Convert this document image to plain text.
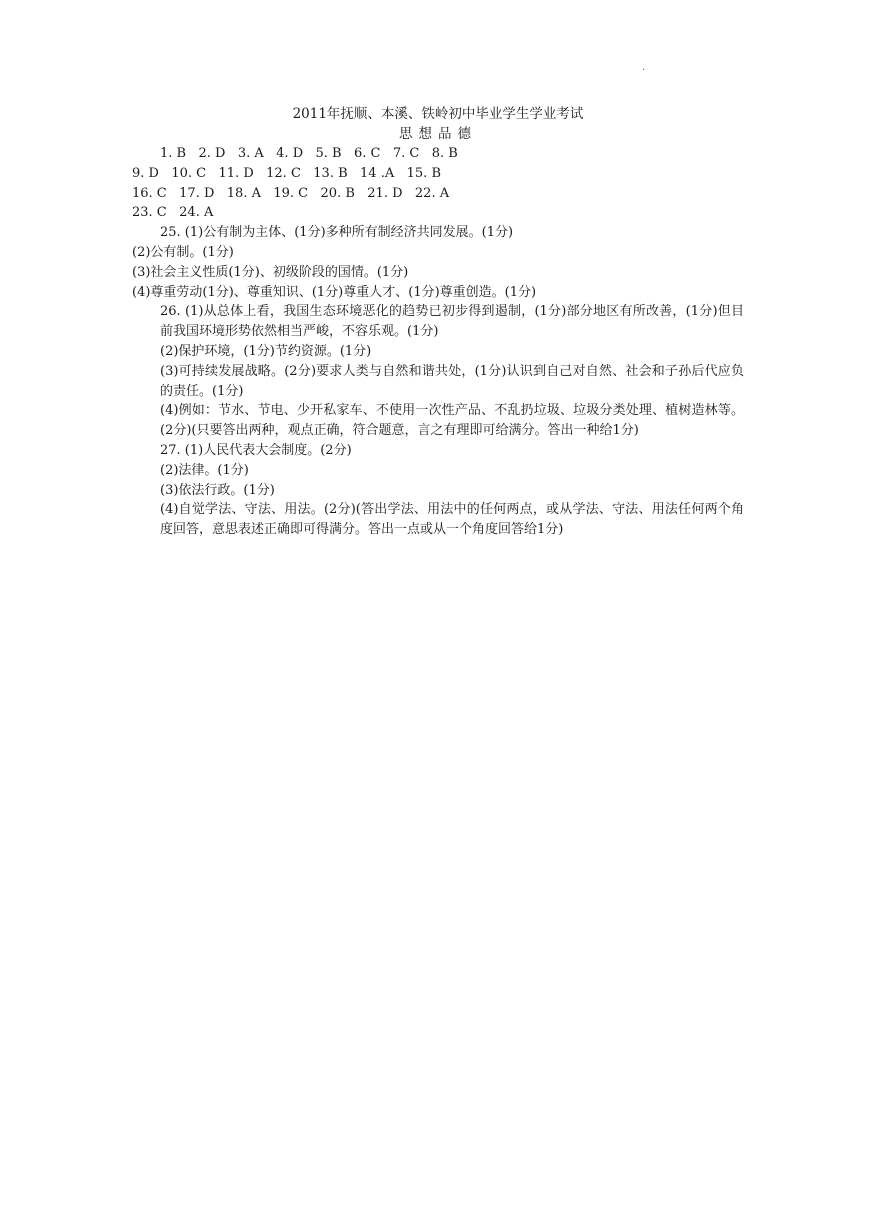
.
2011年抚顺、本溪、铁岭初中毕业学生学业考试
思想品德

1. B   2. D   3. A   4. D   5. B   6. C   7. C   8. B

9. D   10. C   11. D   12. C   13. B   14 .A   15. B

16. C   17. D   18. A   19. C   20. B   21. D   22. A

23. C   24. A

25. (1)公有制为主体、(1分)多种所有制经济共同发展。(1分)

(2)公有制。(1分)

(3)社会主义性质(1分)、初级阶段的国情。(1分)

(4)尊重劳动(1分)、尊重知识、(1分)尊重人才、(1分)尊重创造。(1分)

26. (1)从总体上看，我国生态环境恶化的趋势已初步得到遏制，(1分)部分地区有所改善，(1分)但目前我国环境形势依然相当严峻，不容乐观。(1分)

(2)保护环境，(1分)节约资源。(1分)

(3)可持续发展战略。(2分)要求人类与自然和谐共处，(1分)认识到自己对自然、社会和子孙后代应负的责任。(1分)

(4)例如：节水、节电、少开私家车、不使用一次性产品、不乱扔垃圾、垃圾分类处理、植树造林等。(2分)(只要答出两种，观点正确，符合题意，言之有理即可给满分。答出一种给1分)

27. (1)人民代表大会制度。(2分)

(2)法律。(1分)

(3)依法行政。(1分)

(4)自觉学法、守法、用法。(2分)(答出学法、用法中的任何两点，或从学法、守法、用法任何两个角度回答，意思表述正确即可得满分。答出一点或从一个角度回答给1分)
